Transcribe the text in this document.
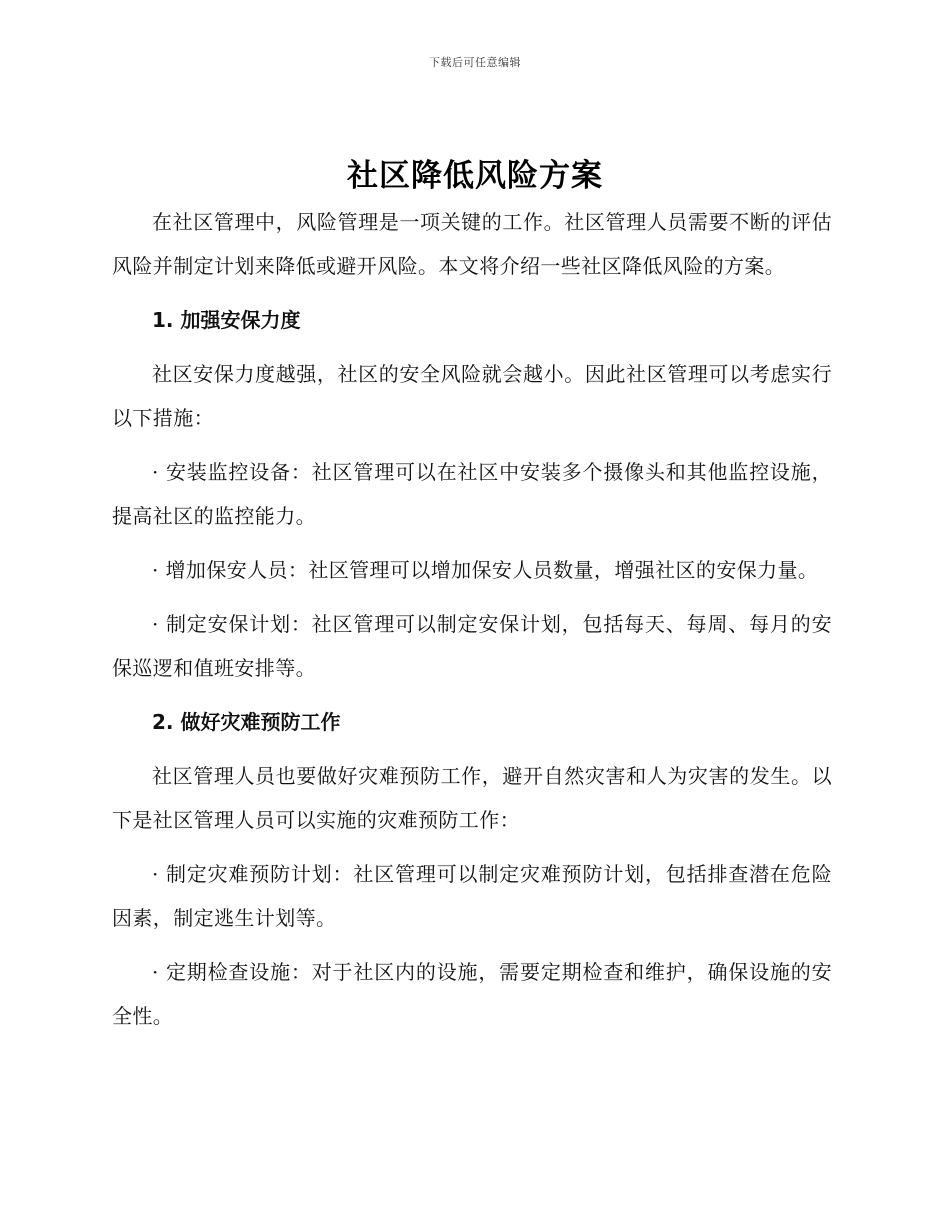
下载后可任意编辑
社区降低风险方案

在社区管理中，风险管理是一项关键的工作。社区管理人员需要不断的评估风险并制定计划来降低或避开风险。本文将介绍一些社区降低风险的方案。

1. 加强安保力度

社区安保力度越强，社区的安全风险就会越小。因此社区管理可以考虑实行以下措施：

· 安装监控设备：社区管理可以在社区中安装多个摄像头和其他监控设施，提高社区的监控能力。

· 增加保安人员：社区管理可以增加保安人员数量，增强社区的安保力量。

· 制定安保计划：社区管理可以制定安保计划，包括每天、每周、每月的安保巡逻和值班安排等。

2. 做好灾难预防工作

社区管理人员也要做好灾难预防工作，避开自然灾害和人为灾害的发生。以下是社区管理人员可以实施的灾难预防工作：

· 制定灾难预防计划：社区管理可以制定灾难预防计划，包括排查潜在危险因素，制定逃生计划等。

· 定期检查设施：对于社区内的设施，需要定期检查和维护，确保设施的安全性。
